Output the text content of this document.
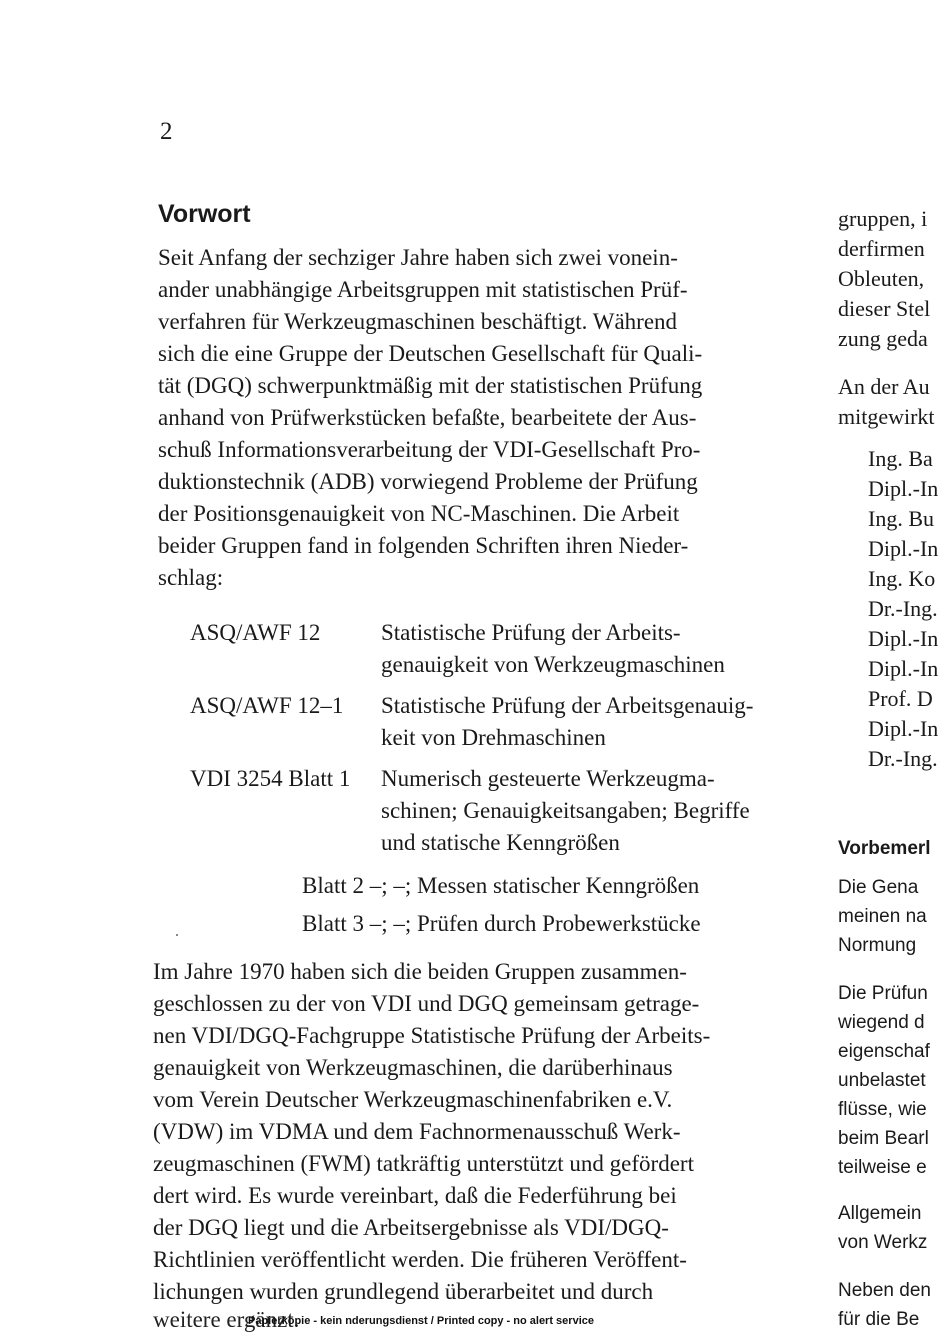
2
Vorwort
Seit Anfang der sechziger Jahre haben sich zwei vonein-
ander unabhängige Arbeitsgruppen mit statistischen Prüf-
verfahren für Werkzeugmaschinen beschäftigt. Während
sich die eine Gruppe der Deutschen Gesellschaft für Quali-
tät (DGQ) schwerpunktmäßig mit der statistischen Prüfung
anhand von Prüfwerkstücken befaßte, bearbeitete der Aus-
schuß Informationsverarbeitung der VDI-Gesellschaft Pro-
duktionstechnik (ADB) vorwiegend Probleme der Prüfung
der Positionsgenauigkeit von NC-Maschinen. Die Arbeit
beider Gruppen fand in folgenden Schriften ihren Nieder-
schlag:
ASQ/AWF 12	Statistische Prüfung der Arbeits-
genauigkeit von Werkzeugmaschinen
ASQ/AWF 12–1 Statistische Prüfung der Arbeitsgenauig-
keit von Drehmaschinen
VDI 3254 Blatt 1 Numerisch gesteuerte Werkzeugma-
schinen; Genauigkeitsangaben; Begriffe
und statische Kenngrößen
Blatt 2 –; –; Messen statischer Kenngrößen
Blatt 3 –; –; Prüfen durch Probewerkstücke
Im Jahre 1970 haben sich die beiden Gruppen zusammen-
geschlossen zu der von VDI und DGQ gemeinsam getrage-
nen VDI/DGQ-Fachgruppe Statistische Prüfung der Arbeits-
genauigkeit von Werkzeugmaschinen, die darüberhinaus
vom Verein Deutscher Werkzeugmaschinenfabriken e.V.
(VDW) im VDMA und dem Fachnormenausschuß Werk-
zeugmaschinen (FWM) tatkräftig unterstützt und gefördert
dert wird. Es wurde vereinbart, daß die Federführung bei
der DGQ liegt und die Arbeitsergebnisse als VDI/DGQ-
Richtlinien veröffentlicht werden. Die früheren Veröffent-
lichungen wurden grundlegend überarbeitet und durch
weitere ergänzt.
Papierkopie - kein nderungsdienst / Printed copy - no alert service
gruppen, i
derfirmen
Obleuten,
dieser Stel
zung geda
An der Au
mitgewirkt
Ing. Ba
Dipl.-In
Ing. Bu
Dipl.-In
Ing. Ko
Dr.-Ing.
Dipl.-In
Dipl.-In
Prof. D
Dipl.-In
Dr.-Ing.
Vorbemerl
Die Gena
meinen na
Normung
Die Prüfun
wiegend d
eigenschaf
unbelastet
flüsse, wie
beim Bearl
teilweise e
Allgemein
von Werkz
Neben den
für die Be
